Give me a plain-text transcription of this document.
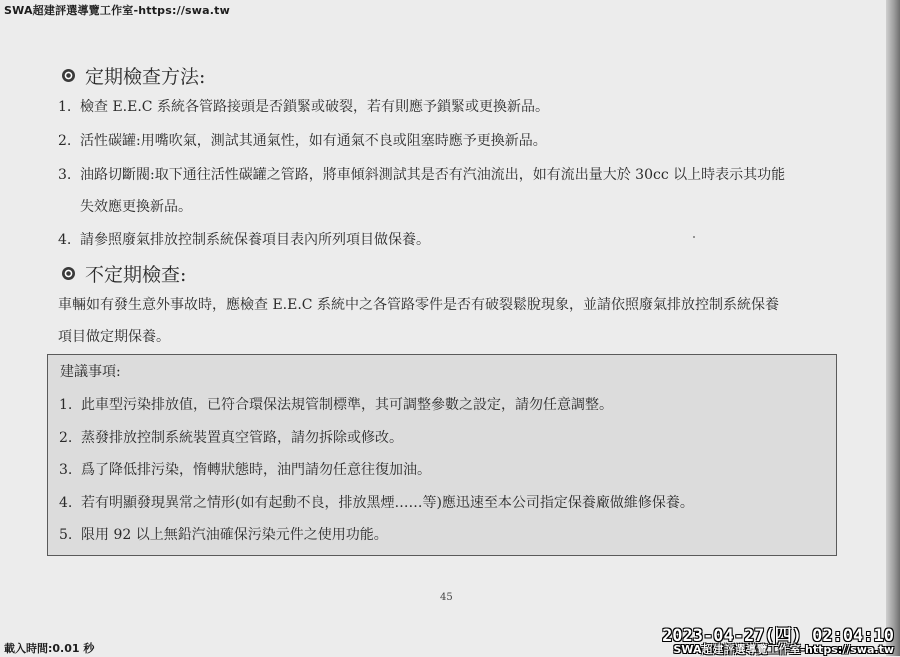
SWA超建評選導覽工作室-https://swa.tw
定期檢查方法:
1. 檢查 E.E.C 系統各管路接頭是否鎖緊或破裂，若有則應予鎖緊或更換新品。
2. 活性碳罐:用嘴吹氣，測試其通氣性，如有通氣不良或阻塞時應予更換新品。
3. 油路切斷閥:取下通往活性碳罐之管路，將車傾斜測試其是否有汽油流出，如有流出量大於 30cc 以上時表示其功能
失效應更換新品。
4. 請參照廢氣排放控制系統保養項目表內所列項目做保養。
不定期檢查:
車輛如有發生意外事故時，應檢查 E.E.C 系統中之各管路零件是否有破裂鬆脫現象，並請依照廢氣排放控制系統保養
項目做定期保養。
建議事項:
1. 此車型污染排放值，已符合環保法規管制標準，其可調整參數之設定，請勿任意調整。
2. 蒸發排放控制系統裝置真空管路，請勿拆除或修改。
3. 爲了降低排污染，惰轉狀態時，油門請勿任意往復加油。
4. 若有明顯發現異常之情形(如有起動不良，排放黑煙……等)應迅速至本公司指定保養廠做維修保養。
5. 限用 92 以上無鉛汽油確保污染元件之使用功能。
45
載入時間:0.01 秒
2023-04-27(四) 02:04:10
SWA超建評選導覽工作室-https://swa.tw
